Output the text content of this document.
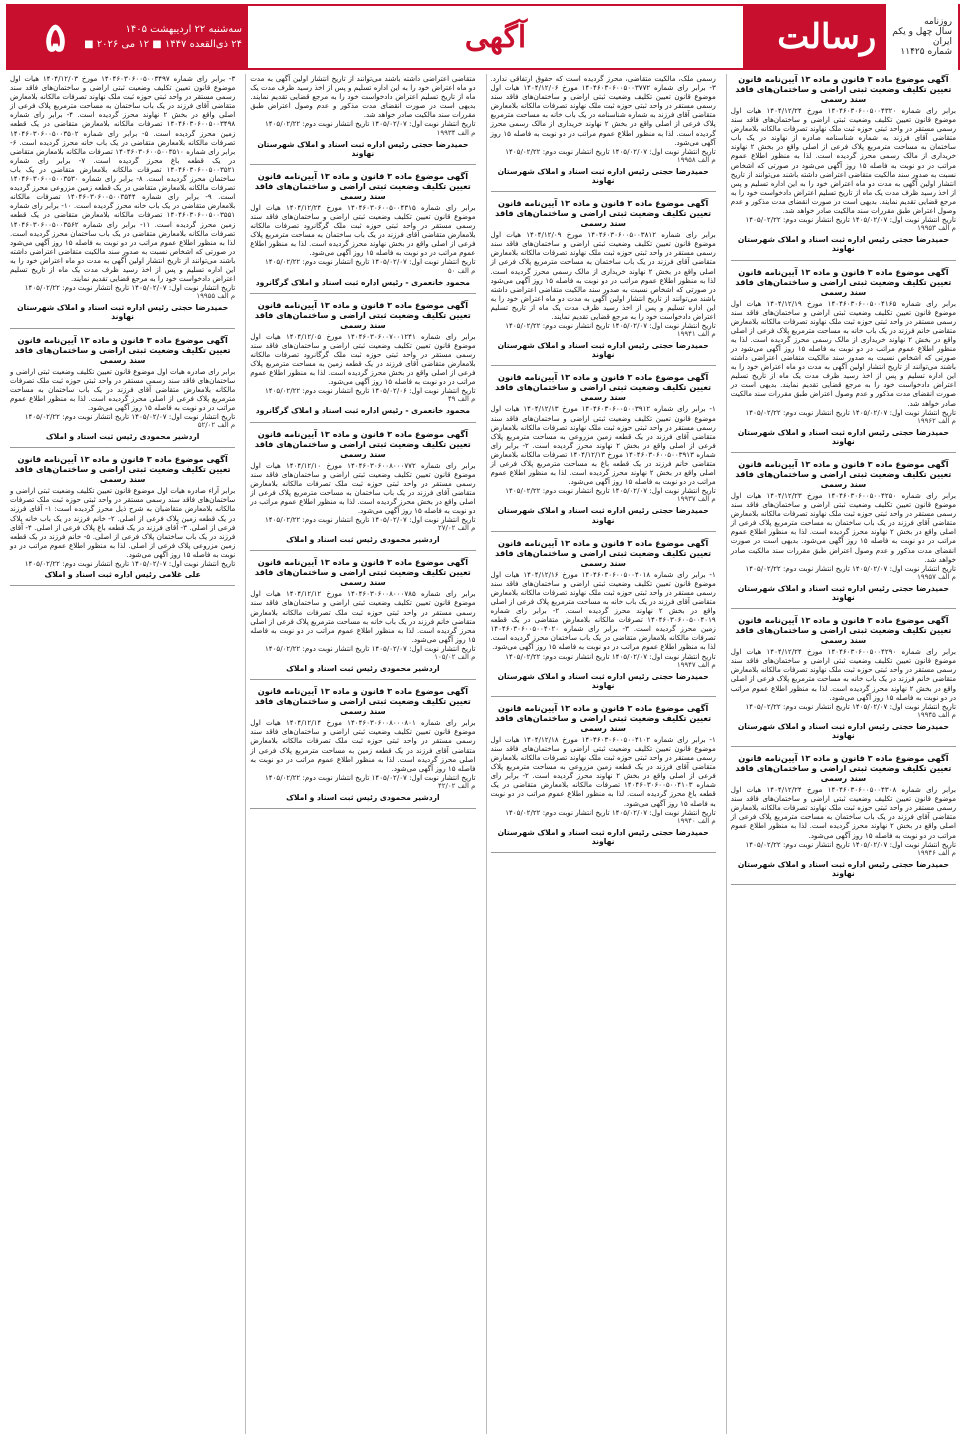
روزنامه
سال چهل و یکم
ایران
شماره ۱۱۴۲۵
رسالت
آگهی
سه‌شنبه ۲۲ اردیبهشت ۱۴۰۵
۲۴ ذی‌القعده ۱۴۴۷ ■ ۱۲ می ۲۰۲۶ ■
۵
آگهی موضوع ماده ۳ قانون و ماده ۱۳ آیین‌نامه قانون تعیین تکلیف وضعیت ثبتی اراضی و ساختمان‌های فاقد سند رسمی
برابر رای شماره ۱۴۰۴۶۰۳۰۶۰۰۵۰۰۴۳۲۰ مورخ ۱۴۰۴/۱۲/۲۴ هیات اول موضوع قانون تعیین تکلیف وضعیت ثبتی اراضی و ساختمان‌های فاقد سند رسمی مستقر در واحد ثبتی حوزه ثبت ملک نهاوند تصرفات مالکانه بلامعارض متقاضی آقای فرزند به شماره شناسنامه صادره از نهاوند در یک باب ساختمان به مساحت مترمربع پلاک فرعی از اصلی واقع در بخش ۲ نهاوند خریداری از مالک رسمی محرز گردیده است. لذا به منظور اطلاع عموم مراتب در دو نوبت به فاصله ۱۵ روز آگهی می‌شود در صورتی که اشخاص نسبت به صدور سند مالکیت متقاضی اعتراضی داشته باشند می‌توانند از تاریخ انتشار اولین آگهی به مدت دو ماه اعتراض خود را به این اداره تسلیم و پس از اخذ رسید ظرف مدت یک ماه از تاریخ تسلیم اعتراض دادخواست خود را به مرجع قضایی تقدیم نمایند. بدیهی است در صورت انقضای مدت مذکور و عدم وصول اعتراض طبق مقررات سند مالکیت صادر خواهد شد.
تاریخ انتشار نوبت اول: ۱۴۰۵/۰۲/۰۷ تاریخ انتشار نوبت دوم: ۱۴۰۵/۰۲/۲۲
م الف ۱۹۹۵۳
حمیدرضا حجتی رئیس اداره ثبت اسناد و املاک شهرستان نهاوند
آگهی موضوع ماده ۳ قانون و ماده ۱۳ آیین‌نامه قانون تعیین تکلیف وضعیت ثبتی اراضی و ساختمان‌های فاقد سند رسمی
برابر رای شماره ۱۴۰۴۶۰۳۰۶۰۰۵۰۰۴۱۶۵ مورخ ۱۴۰۴/۱۲/۱۹ هیات اول موضوع قانون تعیین تکلیف وضعیت ثبتی اراضی و ساختمان‌های فاقد سند رسمی مستقر در واحد ثبتی حوزه ثبت ملک نهاوند تصرفات مالکانه بلامعارض متقاضی خانم فرزند در یک باب خانه به مساحت مترمربع پلاک فرعی از اصلی واقع در بخش ۲ نهاوند خریداری از مالک رسمی محرز گردیده است. لذا به منظور اطلاع عموم مراتب در دو نوبت به فاصله ۱۵ روز آگهی می‌شود در صورتی که اشخاص نسبت به صدور سند مالکیت متقاضی اعتراضی داشته باشند می‌توانند از تاریخ انتشار اولین آگهی به مدت دو ماه اعتراض خود را به این اداره تسلیم و پس از اخذ رسید ظرف مدت یک ماه از تاریخ تسلیم اعتراض دادخواست خود را به مرجع قضایی تقدیم نمایند. بدیهی است در صورت انقضای مدت مذکور و عدم وصول اعتراض طبق مقررات سند مالکیت صادر خواهد شد.
تاریخ انتشار نوبت اول: ۱۴۰۵/۰۲/۰۷ تاریخ انتشار نوبت دوم: ۱۴۰۵/۰۲/۲۲
م الف ۱۹۹۶۲
حمیدرضا حجتی رئیس اداره ثبت اسناد و املاک شهرستان نهاوند
آگهی موضوع ماده ۳ قانون و ماده ۱۳ آیین‌نامه قانون تعیین تکلیف وضعیت ثبتی اراضی و ساختمان‌های فاقد سند رسمی
برابر رای شماره ۱۴۰۴۶۰۳۰۶۰۰۵۰۰۴۲۵۰ مورخ ۱۴۰۴/۱۲/۲۳ هیات اول موضوع قانون تعیین تکلیف وضعیت ثبتی اراضی و ساختمان‌های فاقد سند رسمی مستقر در واحد ثبتی حوزه ثبت ملک نهاوند تصرفات مالکانه بلامعارض متقاضی آقای فرزند در یک باب ساختمان به مساحت مترمربع پلاک فرعی از اصلی واقع در بخش ۲ نهاوند محرز گردیده است. لذا به منظور اطلاع عموم مراتب در دو نوبت به فاصله ۱۵ روز آگهی می‌شود. بدیهی است در صورت انقضای مدت مذکور و عدم وصول اعتراض طبق مقررات سند مالکیت صادر خواهد شد.
تاریخ انتشار نوبت اول: ۱۴۰۵/۰۲/۰۷ تاریخ انتشار نوبت دوم: ۱۴۰۵/۰۲/۲۲
م الف ۱۹۹۵۷
حمیدرضا حجتی رئیس اداره ثبت اسناد و املاک شهرستان نهاوند
آگهی موضوع ماده ۳ قانون و ماده ۱۳ آیین‌نامه قانون تعیین تکلیف وضعیت ثبتی اراضی و ساختمان‌های فاقد سند رسمی
برابر رای شماره ۱۴۰۴۶۰۳۰۶۰۰۵۰۰۴۲۹۰ مورخ ۱۴۰۴/۱۲/۲۴ هیات اول موضوع قانون تعیین تکلیف وضعیت ثبتی اراضی و ساختمان‌های فاقد سند رسمی مستقر در واحد ثبتی حوزه ثبت ملک نهاوند تصرفات مالکانه بلامعارض متقاضی خانم فرزند در یک باب خانه به مساحت مترمربع پلاک فرعی از اصلی واقع در بخش ۲ نهاوند محرز گردیده است. لذا به منظور اطلاع عموم مراتب در دو نوبت به فاصله ۱۵ روز آگهی می‌شود.
تاریخ انتشار نوبت اول: ۱۴۰۵/۰۲/۰۷ تاریخ انتشار نوبت دوم: ۱۴۰۵/۰۲/۲۲
م الف ۱۹۹۴۵
حمیدرضا حجتی رئیس اداره ثبت اسناد و املاک شهرستان نهاوند
آگهی موضوع ماده ۳ قانون و ماده ۱۳ آیین‌نامه قانون تعیین تکلیف وضعیت ثبتی اراضی و ساختمان‌های فاقد سند رسمی
برابر رای شماره ۱۴۰۴۶۰۳۰۶۰۰۵۰۰۴۳۰۸ مورخ ۱۴۰۴/۱۲/۲۴ هیات اول موضوع قانون تعیین تکلیف وضعیت ثبتی اراضی و ساختمان‌های فاقد سند رسمی مستقر در واحد ثبتی حوزه ثبت ملک نهاوند تصرفات مالکانه بلامعارض متقاضی آقای فرزند در یک باب ساختمان به مساحت مترمربع پلاک فرعی از اصلی واقع در بخش ۲ نهاوند محرز گردیده است. لذا به منظور اطلاع عموم مراتب در دو نوبت به فاصله ۱۵ روز آگهی می‌شود.
تاریخ انتشار نوبت اول: ۱۴۰۵/۰۲/۰۷ تاریخ انتشار نوبت دوم: ۱۴۰۵/۰۲/۲۲
م الف ۱۹۹۴۶
حمیدرضا حجتی رئیس اداره ثبت اسناد و املاک شهرستان نهاوند
رسمی ملک، مالکیت متقاضی، محرز گردیده است که حقوق ارتفاقی ندارد. ۳- برابر رای شماره ۱۴۰۴۶۰۳۰۶۰۰۵۰۰۳۷۷۲ مورخ ۱۴۰۴/۱۲/۰۶ هیات اول موضوع قانون تعیین تکلیف وضعیت ثبتی اراضی و ساختمان‌های فاقد سند رسمی مستقر در واحد ثبتی حوزه ثبت ملک نهاوند تصرفات مالکانه بلامعارض متقاضی آقای فرزند به شماره شناسنامه در یک باب خانه به مساحت مترمربع پلاک فرعی از اصلی واقع در بخش ۲ نهاوند خریداری از مالک رسمی محرز گردیده است. لذا به منظور اطلاع عموم مراتب در دو نوبت به فاصله ۱۵ روز آگهی می‌شود.
تاریخ انتشار نوبت اول: ۱۴۰۵/۰۲/۰۷ تاریخ انتشار نوبت دوم: ۱۴۰۵/۰۲/۲۲
م الف ۱۹۹۵۸
حمیدرضا حجتی رئیس اداره ثبت اسناد و املاک شهرستان نهاوند
آگهی موضوع ماده ۳ قانون و ماده ۱۳ آیین‌نامه قانون تعیین تکلیف وضعیت ثبتی اراضی و ساختمان‌های فاقد سند رسمی
برابر رای شماره ۱۴۰۴۶۰۳۰۶۰۰۵۰۰۳۸۱۲ مورخ ۱۴۰۴/۱۲/۰۹ هیات اول موضوع قانون تعیین تکلیف وضعیت ثبتی اراضی و ساختمان‌های فاقد سند رسمی مستقر در واحد ثبتی حوزه ثبت ملک نهاوند تصرفات مالکانه بلامعارض متقاضی آقای فرزند در یک باب ساختمان به مساحت مترمربع پلاک فرعی از اصلی واقع در بخش ۲ نهاوند خریداری از مالک رسمی محرز گردیده است. لذا به منظور اطلاع عموم مراتب در دو نوبت به فاصله ۱۵ روز آگهی می‌شود در صورتی که اشخاص نسبت به صدور سند مالکیت متقاضی اعتراضی داشته باشند می‌توانند از تاریخ انتشار اولین آگهی به مدت دو ماه اعتراض خود را به این اداره تسلیم و پس از اخذ رسید ظرف مدت یک ماه از تاریخ تسلیم اعتراض دادخواست خود را به مرجع قضایی تقدیم نمایند.
تاریخ انتشار نوبت اول: ۱۴۰۵/۰۲/۰۷ تاریخ انتشار نوبت دوم: ۱۴۰۵/۰۲/۲۲
م الف ۱۹۹۴۱
حمیدرضا حجتی رئیس اداره ثبت اسناد و املاک شهرستان نهاوند
آگهی موضوع ماده ۳ قانون و ماده ۱۳ آیین‌نامه قانون تعیین تکلیف وضعیت ثبتی اراضی و ساختمان‌های فاقد سند رسمی
۱- برابر رای شماره ۱۴۰۴۶۰۳۰۶۰۰۵۰۰۳۹۱۲ مورخ ۱۴۰۴/۱۲/۱۳ هیات اول موضوع قانون تعیین تکلیف وضعیت ثبتی اراضی و ساختمان‌های فاقد سند رسمی مستقر در واحد ثبتی حوزه ثبت ملک نهاوند تصرفات مالکانه بلامعارض متقاضی آقای فرزند در یک قطعه زمین مزروعی به مساحت مترمربع پلاک فرعی از اصلی واقع در بخش ۲ نهاوند محرز گردیده است. ۲- برابر رای شماره ۱۴۰۴۶۰۳۰۶۰۰۵۰۰۳۹۱۳ مورخ ۱۴۰۴/۱۲/۱۳ تصرفات مالکانه بلامعارض متقاضی خانم فرزند در یک قطعه باغ به مساحت مترمربع پلاک فرعی از اصلی واقع در بخش ۲ نهاوند محرز گردیده است. لذا به منظور اطلاع عموم مراتب در دو نوبت به فاصله ۱۵ روز آگهی می‌شود.
تاریخ انتشار نوبت اول: ۱۴۰۵/۰۲/۰۷ تاریخ انتشار نوبت دوم: ۱۴۰۵/۰۲/۲۲
م الف ۱۹۹۳۷
حمیدرضا حجتی رئیس اداره ثبت اسناد و املاک شهرستان نهاوند
آگهی موضوع ماده ۳ قانون و ماده ۱۳ آیین‌نامه قانون تعیین تکلیف وضعیت ثبتی اراضی و ساختمان‌های فاقد سند رسمی
۱- برابر رای شماره ۱۴۰۴۶۰۳۰۶۰۰۵۰۰۴۰۱۸ مورخ ۱۴۰۴/۱۲/۱۶ هیات اول موضوع قانون تعیین تکلیف وضعیت ثبتی اراضی و ساختمان‌های فاقد سند رسمی مستقر در واحد ثبتی حوزه ثبت ملک نهاوند تصرفات مالکانه بلامعارض متقاضی آقای فرزند در یک باب خانه به مساحت مترمربع پلاک فرعی از اصلی واقع در بخش ۲ نهاوند محرز گردیده است. ۲- برابر رای شماره ۱۴۰۴۶۰۳۰۶۰۰۵۰۰۴۰۱۹ تصرفات مالکانه بلامعارض متقاضی در یک قطعه زمین محرز گردیده است. ۳- برابر رای شماره ۱۴۰۴۶۰۳۰۶۰۰۵۰۰۴۰۲۰ تصرفات مالکانه بلامعارض متقاضی در یک باب ساختمان محرز گردیده است. لذا به منظور اطلاع عموم مراتب در دو نوبت به فاصله ۱۵ روز آگهی می‌شود.
تاریخ انتشار نوبت اول: ۱۴۰۵/۰۲/۰۷ تاریخ انتشار نوبت دوم: ۱۴۰۵/۰۲/۲۲
م الف ۱۹۹۴۷
حمیدرضا حجتی رئیس اداره ثبت اسناد و املاک شهرستان نهاوند
آگهی موضوع ماده ۳ قانون و ماده ۱۳ آیین‌نامه قانون تعیین تکلیف وضعیت ثبتی اراضی و ساختمان‌های فاقد سند رسمی
۱- برابر رای شماره ۱۴۰۴۶۰۳۰۶۰۰۵۰۰۴۱۰۲ مورخ ۱۴۰۴/۱۲/۱۸ هیات اول موضوع قانون تعیین تکلیف وضعیت ثبتی اراضی و ساختمان‌های فاقد سند رسمی مستقر در واحد ثبتی حوزه ثبت ملک نهاوند تصرفات مالکانه بلامعارض متقاضی آقای فرزند در یک قطعه زمین مزروعی به مساحت مترمربع پلاک فرعی از اصلی واقع در بخش ۲ نهاوند محرز گردیده است. ۲- برابر رای شماره ۱۴۰۴۶۰۳۰۶۰۰۵۰۰۴۱۰۳ تصرفات مالکانه بلامعارض متقاضی در یک قطعه باغ محرز گردیده است. لذا به منظور اطلاع عموم مراتب در دو نوبت به فاصله ۱۵ روز آگهی می‌شود.
تاریخ انتشار نوبت اول: ۱۴۰۵/۰۲/۰۷ تاریخ انتشار نوبت دوم: ۱۴۰۵/۰۲/۲۲
م الف ۱۹۹۴۰
حمیدرضا حجتی رئیس اداره ثبت اسناد و املاک شهرستان نهاوند
متقاضی اعتراضی داشته باشند می‌توانند از تاریخ انتشار اولین آگهی به مدت دو ماه اعتراض خود را به این اداره تسلیم و پس از اخذ رسید ظرف مدت یک ماه از تاریخ تسلیم اعتراض دادخواست خود را به مرجع قضایی تقدیم نمایند. بدیهی است در صورت انقضای مدت مذکور و عدم وصول اعتراض طبق مقررات سند مالکیت صادر خواهد شد.
تاریخ انتشار نوبت اول: ۱۴۰۵/۰۲/۰۷ تاریخ انتشار نوبت دوم: ۱۴۰۵/۰۲/۲۲
م الف ۱۹۹۳۴
حمیدرضا حجتی رئیس اداره ثبت اسناد و املاک شهرستان نهاوند
آگهی موضوع ماده ۳ قانون و ماده ۱۳ آیین‌نامه قانون تعیین تکلیف وضعیت ثبتی اراضی و ساختمان‌های فاقد سند رسمی
برابر رای شماره ۱۴۰۴۶۰۳۰۶۰۰۵۰۰۴۳۱۵ مورخ ۱۴۰۴/۱۲/۲۴ هیات اول موضوع قانون تعیین تکلیف وضعیت ثبتی اراضی و ساختمان‌های فاقد سند رسمی مستقر در واحد ثبتی حوزه ثبت ملک گرگانرود تصرفات مالکانه بلامعارض متقاضی آقای فرزند در یک باب ساختمان به مساحت مترمربع پلاک فرعی از اصلی واقع در بخش نهاوند محرز گردیده است. لذا به منظور اطلاع عموم مراتب در دو نوبت به فاصله ۱۵ روز آگهی می‌شود.
تاریخ انتشار نوبت اول: ۱۴۰۵/۰۲/۰۷ تاریخ انتشار نوبت دوم: ۱۴۰۵/۰۲/۲۲
م الف ۵۰
محمود خانعمری - رئیس اداره ثبت اسناد و املاک گرگانرود
آگهی موضوع ماده ۳ قانون و ماده ۱۳ آیین‌نامه قانون تعیین تکلیف وضعیت ثبتی اراضی و ساختمان‌های فاقد سند رسمی
برابر رای شماره ۱۴۰۴۶۰۳۰۶۰۰۷۰۰۱۲۴۱ مورخ ۱۴۰۴/۱۲/۰۵ هیات اول موضوع قانون تعیین تکلیف وضعیت ثبتی اراضی و ساختمان‌های فاقد سند رسمی مستقر در واحد ثبتی حوزه ثبت ملک گرگانرود تصرفات مالکانه بلامعارض متقاضی آقای فرزند در یک قطعه زمین به مساحت مترمربع پلاک فرعی از اصلی واقع در بخش محرز گردیده است. لذا به منظور اطلاع عموم مراتب در دو نوبت به فاصله ۱۵ روز آگهی می‌شود.
تاریخ انتشار نوبت اول: ۱۴۰۵/۰۲/۰۶ تاریخ انتشار نوبت دوم: ۱۴۰۵/۰۲/۲۲
م الف ۴۹
محمود خانعمری - رئیس اداره ثبت اسناد و املاک گرگانرود
آگهی موضوع ماده ۳ قانون و ماده ۱۳ آیین‌نامه قانون تعیین تکلیف وضعیت ثبتی اراضی و ساختمان‌های فاقد سند رسمی
برابر رای شماره ۱۴۰۴۶۰۳۰۶۰۰۸۰۰۰۷۷۲ مورخ ۱۴۰۴/۱۲/۱۰ هیات اول موضوع قانون تعیین تکلیف وضعیت ثبتی اراضی و ساختمان‌های فاقد سند رسمی مستقر در واحد ثبتی حوزه ثبت ملک تصرفات مالکانه بلامعارض متقاضی آقای فرزند در یک باب ساختمان به مساحت مترمربع پلاک فرعی از اصلی واقع در بخش محرز گردیده است. لذا به منظور اطلاع عموم مراتب در دو نوبت به فاصله ۱۵ روز آگهی می‌شود.
تاریخ انتشار نوبت اول: ۱۴۰۵/۰۲/۰۷ تاریخ انتشار نوبت دوم: ۱۴۰۵/۰۲/۲۲
م الف ۲۷/۰۲
اردشیر محمودی رئیس ثبت اسناد و املاک
آگهی موضوع ماده ۳ قانون و ماده ۱۳ آیین‌نامه قانون تعیین تکلیف وضعیت ثبتی اراضی و ساختمان‌های فاقد سند رسمی
برابر رای شماره ۱۴۰۴۶۰۳۰۶۰۰۸۰۰۰۷۸۵ مورخ ۱۴۰۴/۱۲/۱۲ هیات اول موضوع قانون تعیین تکلیف وضعیت ثبتی اراضی و ساختمان‌های فاقد سند رسمی مستقر در واحد ثبتی حوزه ثبت ملک تصرفات مالکانه بلامعارض متقاضی خانم فرزند در یک باب خانه به مساحت مترمربع پلاک فرعی از اصلی محرز گردیده است. لذا به منظور اطلاع عموم مراتب در دو نوبت به فاصله ۱۵ روز آگهی می‌شود.
تاریخ انتشار نوبت اول: ۱۴۰۵/۰۲/۰۷ تاریخ انتشار نوبت دوم: ۱۴۰۵/۰۲/۲۲
م الف ۱۰۵/۰۲
اردشیر محمودی رئیس ثبت اسناد و املاک
آگهی موضوع ماده ۳ قانون و ماده ۱۳ آیین‌نامه قانون تعیین تکلیف وضعیت ثبتی اراضی و ساختمان‌های فاقد سند رسمی
برابر رای شماره ۱۴۰۴۶۰۳۰۶۰۰۸۰۰۰۸۰۱ مورخ ۱۴۰۴/۱۲/۱۴ هیات اول موضوع قانون تعیین تکلیف وضعیت ثبتی اراضی و ساختمان‌های فاقد سند رسمی مستقر در واحد ثبتی حوزه ثبت ملک تصرفات مالکانه بلامعارض متقاضی آقای فرزند در یک قطعه زمین به مساحت مترمربع پلاک فرعی از اصلی محرز گردیده است. لذا به منظور اطلاع عموم مراتب در دو نوبت به فاصله ۱۵ روز آگهی می‌شود.
تاریخ انتشار نوبت اول: ۱۴۰۵/۰۲/۰۷ تاریخ انتشار نوبت دوم: ۱۴۰۵/۰۲/۲۲
م الف ۴۲/۰۲
اردشیر محمودی رئیس ثبت اسناد و املاک
۳- برابر رای شماره ۱۴۰۴۶۰۳۰۶۰۰۵۰۰۳۴۹۷ مورخ ۱۴۰۴/۱۲/۰۳ هیات اول موضوع قانون تعیین تکلیف وضعیت ثبتی اراضی و ساختمان‌های فاقد سند رسمی مستقر در واحد ثبتی حوزه ثبت ملک نهاوند تصرفات مالکانه بلامعارض متقاضی آقای فرزند در یک باب ساختمان به مساحت مترمربع پلاک فرعی از اصلی واقع در بخش ۲ نهاوند محرز گردیده است. ۴- برابر رای شماره ۱۴۰۴۶۰۳۰۶۰۰۵۰۰۳۴۹۸ تصرفات مالکانه بلامعارض متقاضی در یک قطعه زمین محرز گردیده است. ۵- برابر رای شماره ۱۴۰۴۶۰۳۰۶۰۰۵۰۰۳۵۰۲ تصرفات مالکانه بلامعارض متقاضی در یک باب خانه محرز گردیده است. ۶- برابر رای شماره ۱۴۰۴۶۰۳۰۶۰۰۵۰۰۳۵۱۰ تصرفات مالکانه بلامعارض متقاضی در یک قطعه باغ محرز گردیده است. ۷- برابر رای شماره ۱۴۰۴۶۰۳۰۶۰۰۵۰۰۳۵۲۱ تصرفات مالکانه بلامعارض متقاضی در یک باب ساختمان محرز گردیده است. ۸- برابر رای شماره ۱۴۰۴۶۰۳۰۶۰۰۵۰۰۳۵۳۰ تصرفات مالکانه بلامعارض متقاضی در یک قطعه زمین مزروعی محرز گردیده است. ۹- برابر رای شماره ۱۴۰۴۶۰۳۰۶۰۰۵۰۰۳۵۴۴ تصرفات مالکانه بلامعارض متقاضی در یک باب خانه محرز گردیده است. ۱۰- برابر رای شماره ۱۴۰۴۶۰۳۰۶۰۰۵۰۰۳۵۵۱ تصرفات مالکانه بلامعارض متقاضی در یک قطعه زمین محرز گردیده است. ۱۱- برابر رای شماره ۱۴۰۴۶۰۳۰۶۰۰۵۰۰۳۵۶۲ تصرفات مالکانه بلامعارض متقاضی در یک باب ساختمان محرز گردیده است. لذا به منظور اطلاع عموم مراتب در دو نوبت به فاصله ۱۵ روز آگهی می‌شود در صورتی که اشخاص نسبت به صدور سند مالکیت متقاضی اعتراضی داشته باشند می‌توانند از تاریخ انتشار اولین آگهی به مدت دو ماه اعتراض خود را به این اداره تسلیم و پس از اخذ رسید ظرف مدت یک ماه از تاریخ تسلیم اعتراض دادخواست خود را به مرجع قضایی تقدیم نمایند.
تاریخ انتشار نوبت اول: ۱۴۰۵/۰۲/۰۷ تاریخ انتشار نوبت دوم: ۱۴۰۵/۰۲/۲۲
م الف ۱۹۹۵۵
حمیدرضا حجتی رئیس اداره ثبت اسناد و املاک شهرستان نهاوند
آگهی موضوع ماده ۳ قانون و ماده ۱۳ آیین‌نامه قانون تعیین تکلیف وضعیت ثبتی اراضی و ساختمان‌های فاقد سند رسمی
برابر رای صادره هیات اول موضوع قانون تعیین تکلیف وضعیت ثبتی اراضی و ساختمان‌های فاقد سند رسمی مستقر در واحد ثبتی حوزه ثبت ملک تصرفات مالکانه بلامعارض متقاضی آقای فرزند در یک باب ساختمان به مساحت مترمربع پلاک فرعی از اصلی محرز گردیده است. لذا به منظور اطلاع عموم مراتب در دو نوبت به فاصله ۱۵ روز آگهی می‌شود.
تاریخ انتشار نوبت اول: ۱۴۰۵/۰۲/۰۷ تاریخ انتشار نوبت دوم: ۱۴۰۵/۰۲/۲۲
م الف ۵۲/۰۲
اردشیر محمودی رئیس ثبت اسناد و املاک
آگهی موضوع ماده ۳ قانون و ماده ۱۳ آیین‌نامه قانون تعیین تکلیف وضعیت ثبتی اراضی و ساختمان‌های فاقد سند رسمی
برابر آراء صادره هیات اول موضوع قانون تعیین تکلیف وضعیت ثبتی اراضی و ساختمان‌های فاقد سند رسمی مستقر در واحد ثبتی حوزه ثبت ملک تصرفات مالکانه بلامعارض متقاضیان به شرح ذیل محرز گردیده است: ۱- آقای فرزند در یک قطعه زمین پلاک فرعی از اصلی. ۲- خانم فرزند در یک باب خانه پلاک فرعی از اصلی. ۳- آقای فرزند در یک قطعه باغ پلاک فرعی از اصلی. ۴- آقای فرزند در یک باب ساختمان پلاک فرعی از اصلی. ۵- خانم فرزند در یک قطعه زمین مزروعی پلاک فرعی از اصلی. لذا به منظور اطلاع عموم مراتب در دو نوبت به فاصله ۱۵ روز آگهی می‌شود.
تاریخ انتشار نوبت اول: ۱۴۰۵/۰۲/۰۷ تاریخ انتشار نوبت دوم: ۱۴۰۵/۰۲/۲۲
علی غلامی رئیس اداره ثبت اسناد و املاک
